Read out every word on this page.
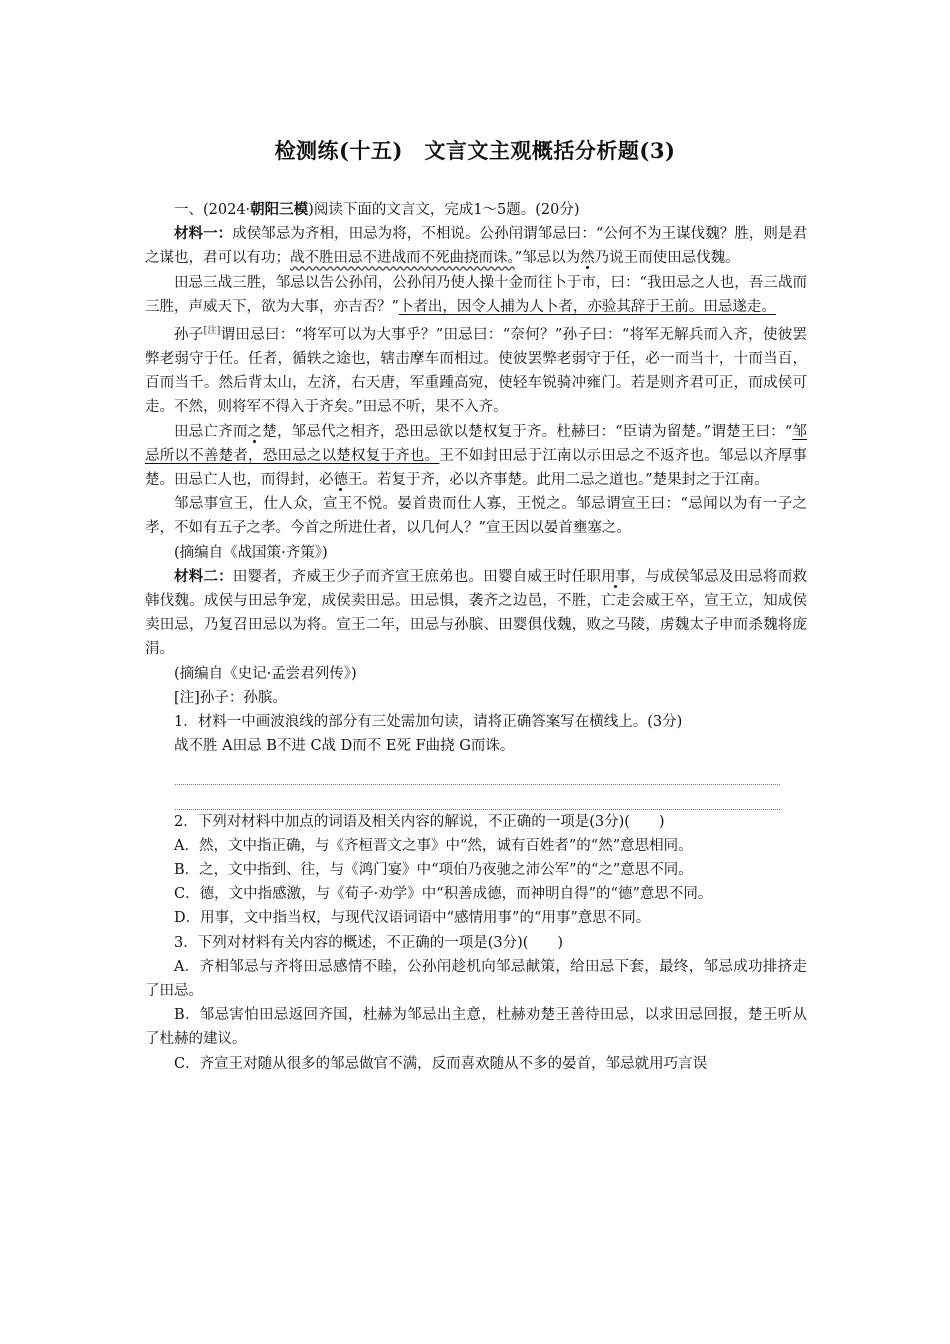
检测练(十五)　文言文主观概括分析题(3)

一、(2024·朝阳三模)阅读下面的文言文，完成1～5题。(20分)

材料一：成侯邹忌为齐相，田忌为将，不相说。公孙闬谓邹忌曰：“公何不为王谋伐魏？胜，则是君之谋也，君可以有功；战不胜田忌不进战而不死曲挠而诛。”邹忌以为然乃说王而使田忌伐魏。

田忌三战三胜，邹忌以告公孙闬，公孙闬乃使人操十金而往卜于市，曰：“我田忌之人也，吾三战而三胜，声威天下，欲为大事，亦吉否？”卜者出，因令人捕为人卜者，亦验其辞于王前。田忌遂走。

孙子[注]谓田忌曰：“将军可以为大事乎？”田忌曰：“奈何？”孙子曰：“将军无解兵而入齐，使彼罢弊老弱守于任。任者，循轶之途也，辖击摩车而相过。使彼罢弊老弱守于任，必一而当十，十而当百，百而当千。然后背太山，左济，右天唐，军重踵高宛，使轻车锐骑冲雍门。若是则齐君可正，而成侯可走。不然，则将军不得入于齐矣。”田忌不听，果不入齐。

田忌亡齐而之楚，邹忌代之相齐，恐田忌欲以楚权复于齐。杜赫曰：“臣请为留楚。”谓楚王曰：“邹忌所以不善楚者，恐田忌之以楚权复于齐也。王不如封田忌于江南以示田忌之不返齐也。邹忌以齐厚事楚。田忌亡人也，而得封，必德王。若复于齐，必以齐事楚。此用二忌之道也。”楚果封之于江南。

邹忌事宣王，仕人众，宣王不悦。晏首贵而仕人寡，王悦之。邹忌谓宣王曰：“忌闻以为有一子之孝，不如有五子之孝。今首之所进仕者，以几何人？”宣王因以晏首壅塞之。

(摘编自《战国策·齐策》)

材料二：田婴者，齐威王少子而齐宣王庶弟也。田婴自威王时任职用事，与成侯邹忌及田忌将而救韩伐魏。成侯与田忌争宠，成侯卖田忌。田忌惧，袭齐之边邑，不胜，亡走会威王卒，宣王立，知成侯卖田忌，乃复召田忌以为将。宣王二年，田忌与孙膑、田婴俱伐魏，败之马陵，虏魏太子申而杀魏将庞涓。

(摘编自《史记·孟尝君列传》)

[注]孙子：孙膑。

1．材料一中画波浪线的部分有三处需加句读，请将正确答案写在横线上。(3分)

战不胜 A田忌 B不进 C战 D而不 E死 F曲挠 G而诛。

2．下列对材料中加点的词语及相关内容的解说，不正确的一项是(3分)(　　)

A．然，文中指正确，与《齐桓晋文之事》中“然，诚有百姓者”的“然”意思相同。

B．之，文中指到、往，与《鸿门宴》中“项伯乃夜驰之沛公军”的“之”意思不同。

C．德，文中指感激，与《荀子·劝学》中“积善成德，而神明自得”的“德”意思不同。

D．用事，文中指当权，与现代汉语词语中“感情用事”的“用事”意思不同。

3．下列对材料有关内容的概述，不正确的一项是(3分)(　　)

A．齐相邹忌与齐将田忌感情不睦，公孙闬趁机向邹忌献策，给田忌下套，最终，邹忌成功排挤走了田忌。

B．邹忌害怕田忌返回齐国，杜赫为邹忌出主意，杜赫劝楚王善待田忌，以求田忌回报，楚王听从了杜赫的建议。

C．齐宣王对随从很多的邹忌做官不满，反而喜欢随从不多的晏首，邹忌就用巧言误
